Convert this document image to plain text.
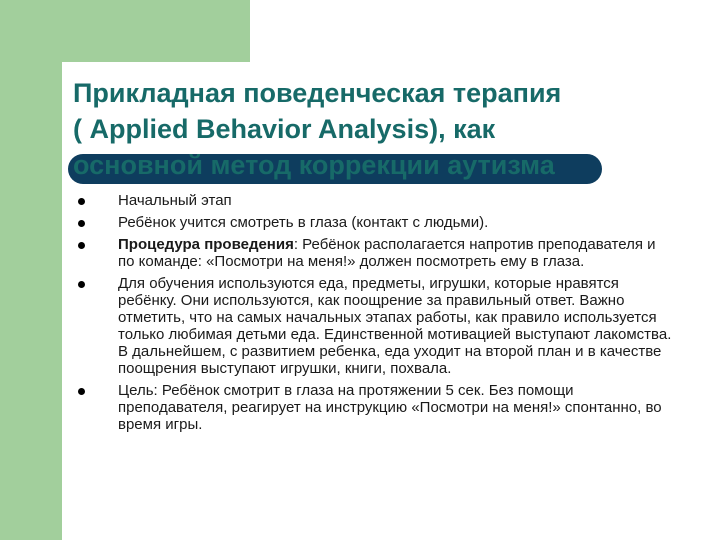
Прикладная поведенческая терапия
( Applied Behavior Analysis), как
основной метод коррекции аутизма
Начальный этап
Ребёнок учится смотреть в глаза (контакт с людьми).
Процедура проведения: Ребёнок располагается напротив преподавателя и по команде: «Посмотри на меня!» должен посмотреть ему в глаза.
Для обучения используются еда, предметы, игрушки, которые нравятся ребёнку. Они используются, как поощрение за правильный ответ. Важно отметить, что на самых начальных этапах работы, как правило используется только любимая детьми еда. Единственной мотивацией выступают лакомства. В дальнейшем, с развитием ребенка, еда уходит на второй план и в качестве поощрения выступают игрушки, книги, похвала.
Цель: Ребёнок смотрит в глаза на протяжении 5 сек. Без помощи преподавателя, реагирует на инструкцию «Посмотри на меня!» спонтанно, во время игры.
